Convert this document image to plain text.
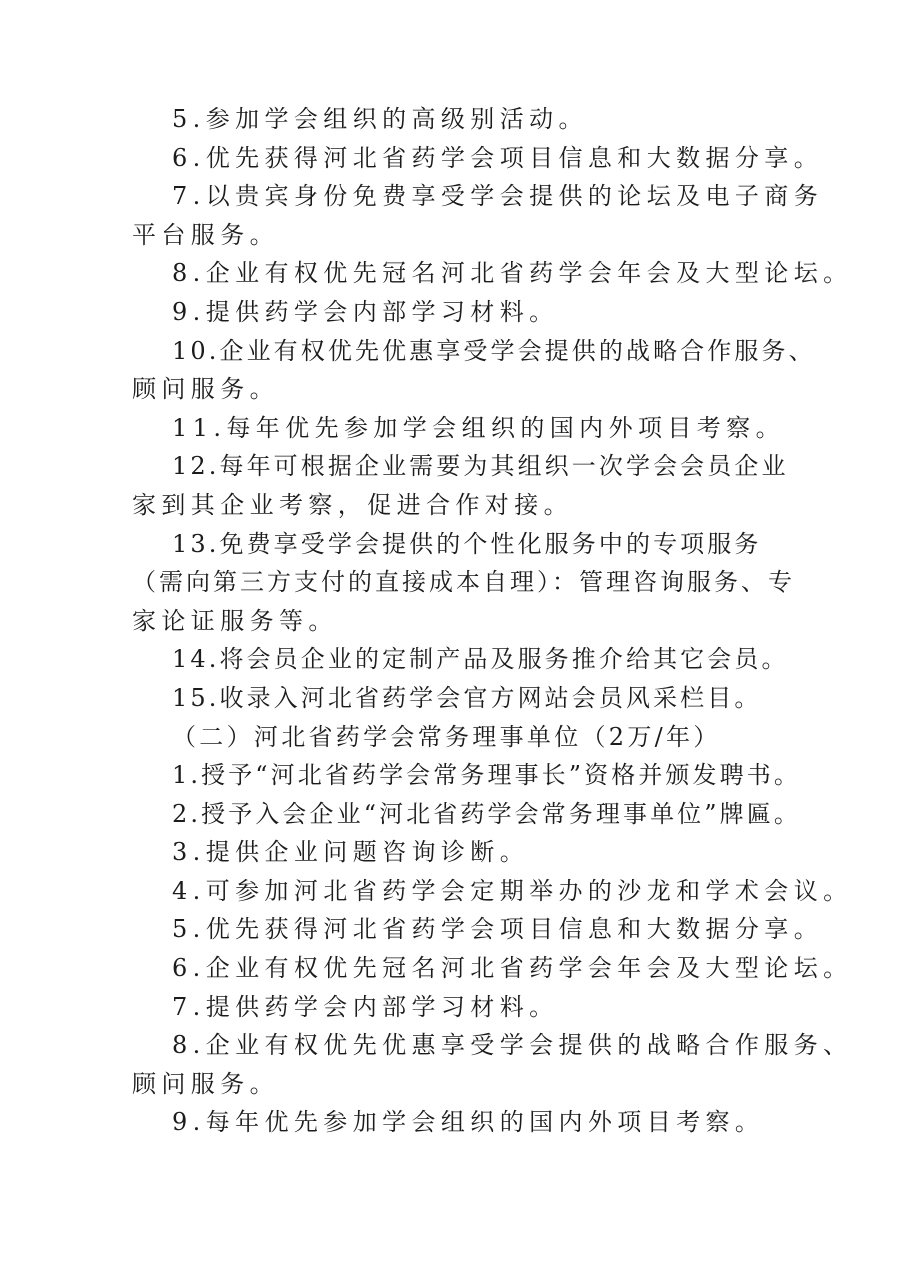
5.参加学会组织的高级别活动。
6.优先获得河北省药学会项目信息和大数据分享。
7.以贵宾身份免费享受学会提供的论坛及电子商务
平台服务。
8.企业有权优先冠名河北省药学会年会及大型论坛。
9.提供药学会内部学习材料。
10.企业有权优先优惠享受学会提供的战略合作服务、
顾问服务。
11.每年优先参加学会组织的国内外项目考察。
12.每年可根据企业需要为其组织一次学会会员企业
家到其企业考察，促进合作对接。
13.免费享受学会提供的个性化服务中的专项服务
（需向第三方支付的直接成本自理）：管理咨询服务、专
家论证服务等。
14.将会员企业的定制产品及服务推介给其它会员。
15.收录入河北省药学会官方网站会员风采栏目。
（二）河北省药学会常务理事单位（2万/年）
1.授予“河北省药学会常务理事长”资格并颁发聘书。
2.授予入会企业“河北省药学会常务理事单位”牌匾。
3.提供企业问题咨询诊断。
4.可参加河北省药学会定期举办的沙龙和学术会议。
5.优先获得河北省药学会项目信息和大数据分享。
6.企业有权优先冠名河北省药学会年会及大型论坛。
7.提供药学会内部学习材料。
8.企业有权优先优惠享受学会提供的战略合作服务、
顾问服务。
9.每年优先参加学会组织的国内外项目考察。
